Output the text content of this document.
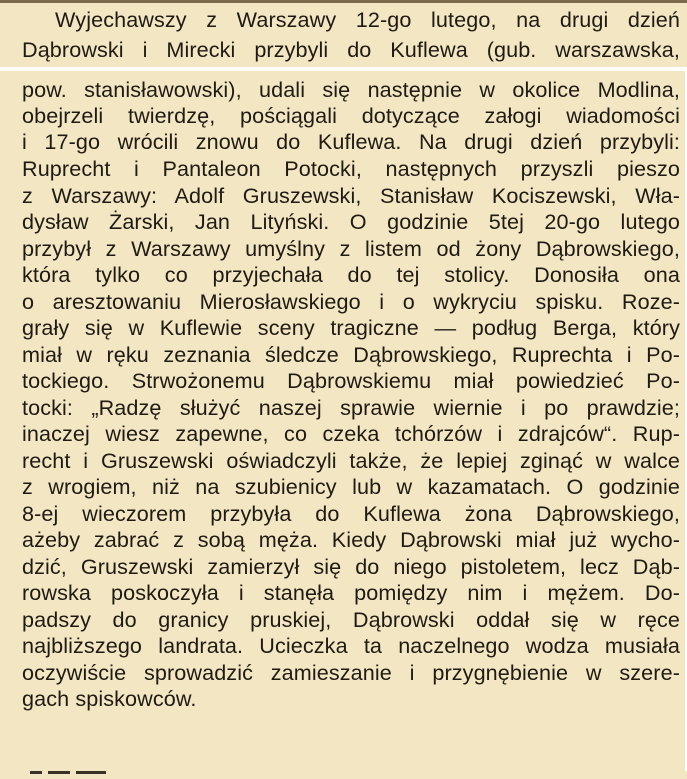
Wyjechawszy z Warszawy 12-go lutego, na drugi dzień
Dąbrowski i Mirecki przybyli do Kuflewa (gub. warszawska,
pow. stanisławowski), udali się następnie w okolice Modlina,
obejrzeli twierdzę, pościągali dotyczące załogi wiadomości
i 17-go wrócili znowu do Kuflewa. Na drugi dzień przybyli:
Ruprecht i Pantaleon Potocki, następnych przyszli pieszo
z Warszawy: Adolf Gruszewski, Stanisław Kociszewski, Wła-
dysław Żarski, Jan Lityński. O godzinie 5tej 20-go lutego
przybył z Warszawy umyślny z listem od żony Dąbrowskiego,
która tylko co przyjechała do tej stolicy. Donosiła ona
o aresztowaniu Mierosławskiego i o wykryciu spisku. Roze-
grały się w Kuflewie sceny tragiczne — podług Berga, który
miał w ręku zeznania śledcze Dąbrowskiego, Ruprechta i Po-
tockiego. Strwożonemu Dąbrowskiemu miał powiedzieć Po-
tocki: „Radzę służyć naszej sprawie wiernie i po prawdzie;
inaczej wiesz zapewne, co czeka tchórzów i zdrajców“. Rup-
recht i Gruszewski oświadczyli także, że lepiej zginąć w walce
z wrogiem, niż na szubienicy lub w kazamatach. O godzinie
8-ej wieczorem przybyła do Kuflewa żona Dąbrowskiego,
ażeby zabrać z sobą męża. Kiedy Dąbrowski miał już wycho-
dzić, Gruszewski zamierzył się do niego pistoletem, lecz Dąb-
rowska poskoczyła i stanęła pomiędzy nim i mężem. Do-
padszy do granicy pruskiej, Dąbrowski oddał się w ręce
najbliższego landrata. Ucieczka ta naczelnego wodza musiała
oczywiście sprowadzić zamieszanie i przygnębienie w szere-
gach spiskowców.
